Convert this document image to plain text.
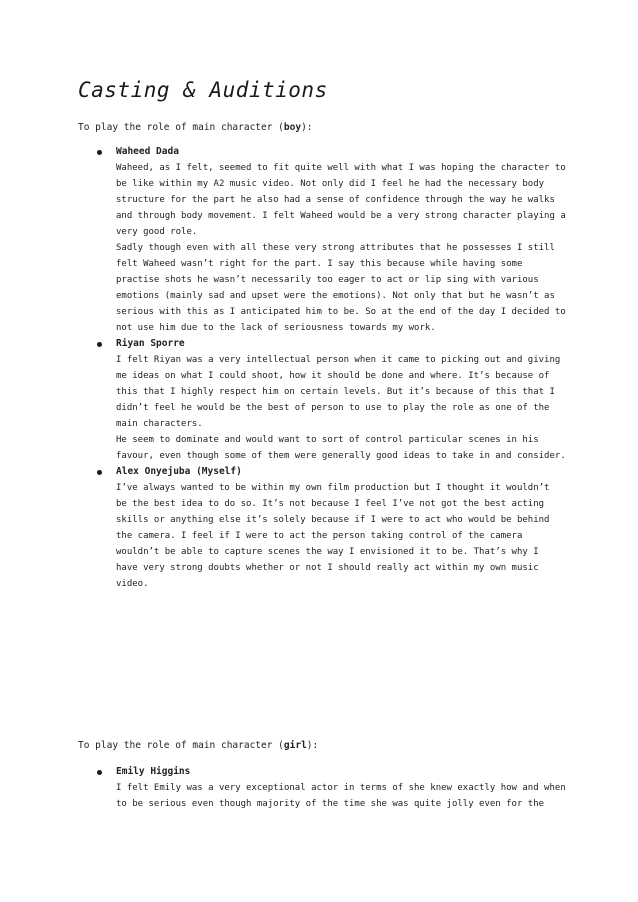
Casting & Auditions
To play the role of main character (boy):
Waheed Dada
Waheed, as I felt, seemed to fit quite well with what I was hoping the character to
be like within my A2 music video. Not only did I feel he had the necessary body
structure for the part he also had a sense of confidence through the way he walks
and through body movement. I felt Waheed would be a very strong character playing a
very good role.
Sadly though even with all these very strong attributes that he possesses I still
felt Waheed wasn’t right for the part. I say this because while having some
practise shots he wasn’t necessarily too eager to act or lip sing with various
emotions (mainly sad and upset were the emotions). Not only that but he wasn’t as
serious with this as I anticipated him to be. So at the end of the day I decided to
not use him due to the lack of seriousness towards my work.
Riyan Sporre
I felt Riyan was a very intellectual person when it came to picking out and giving
me ideas on what I could shoot, how it should be done and where. It’s because of
this that I highly respect him on certain levels. But it’s because of this that I
didn’t feel he would be the best of person to use to play the role as one of the
main characters.
He seem to dominate and would want to sort of control particular scenes in his
favour, even though some of them were generally good ideas to take in and consider.
Alex Onyejuba (Myself)
I’ve always wanted to be within my own film production but I thought it wouldn’t
be the best idea to do so. It’s not because I feel I’ve not got the best acting
skills or anything else it’s solely because if I were to act who would be behind
the camera. I feel if I were to act the person taking control of the camera
wouldn’t be able to capture scenes the way I envisioned it to be. That’s why I
have very strong doubts whether or not I should really act within my own music
video.
To play the role of main character (girl):
Emily Higgins
I felt Emily was a very exceptional actor in terms of she knew exactly how and when
to be serious even though majority of the time she was quite jolly even for the
